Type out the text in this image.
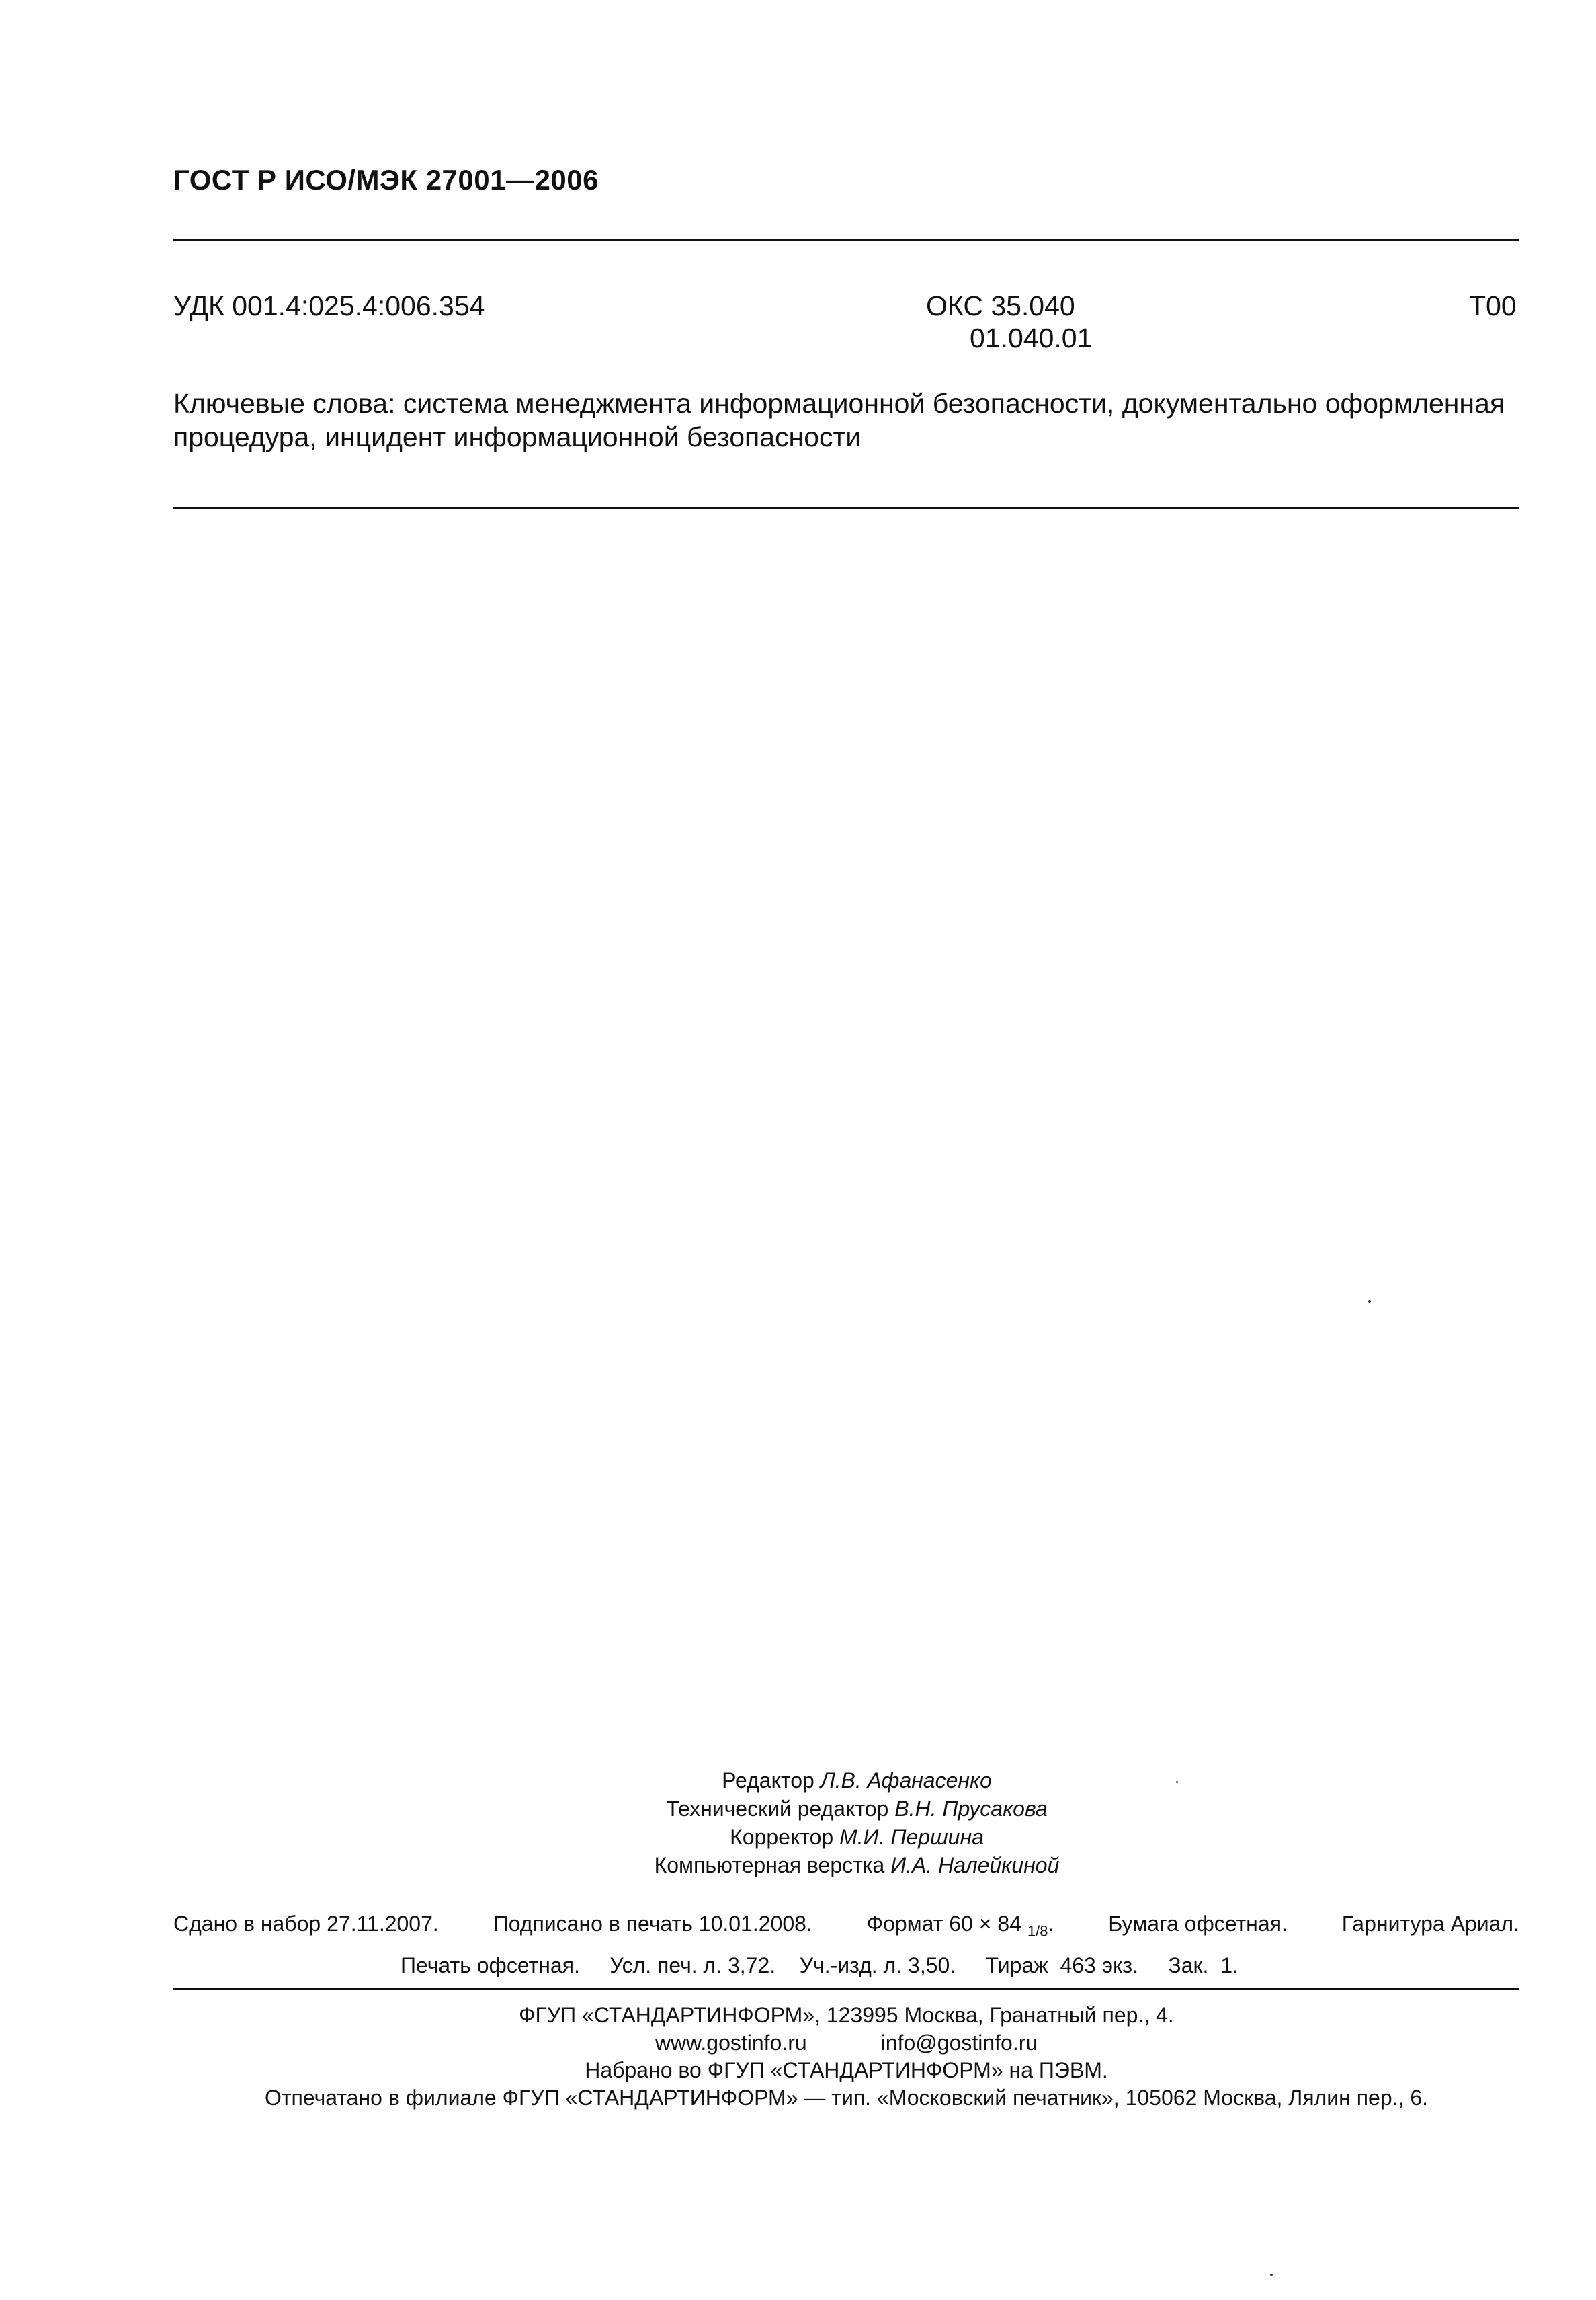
ГОСТ Р ИСО/МЭК 27001—2006
УДК 001.4:025.4:006.354	ОКС 35.040
01.040.01
Т00
Ключевые слова: система менеджмента информационной безопасности, документально оформленная
процедура, инцидент информационной безопасности
Редактор Л.В. Афанасенко
Технический редактор В.Н. Прусакова
Корректор М.И. Першина
Компьютерная верстка И.А. Налейкиной
Сдано в набор 27.11.2007.	Подписано в печать 10.01.2008.	Формат 60 × 84 $_{1/8}$.	Бумага офсетная.	Гарнитура Ариал.
Печать офсетная. Усл. печ. л. 3,72. Уч.-изд. л. 3,50. Тираж  463 экз. Зак.  1.
ФГУП «СТАНДАРТИНФОРМ», 123995 Москва, Гранатный пер., 4.
www.gostinfo.ru	info@gostinfo.ru
Набрано во ФГУП «СТАНДАРТИНФОРМ» на ПЭВМ.
Отпечатано в филиале ФГУП «СТАНДАРТИНФОРМ» — тип. «Московский печатник», 105062 Москва, Лялин пер., 6.
